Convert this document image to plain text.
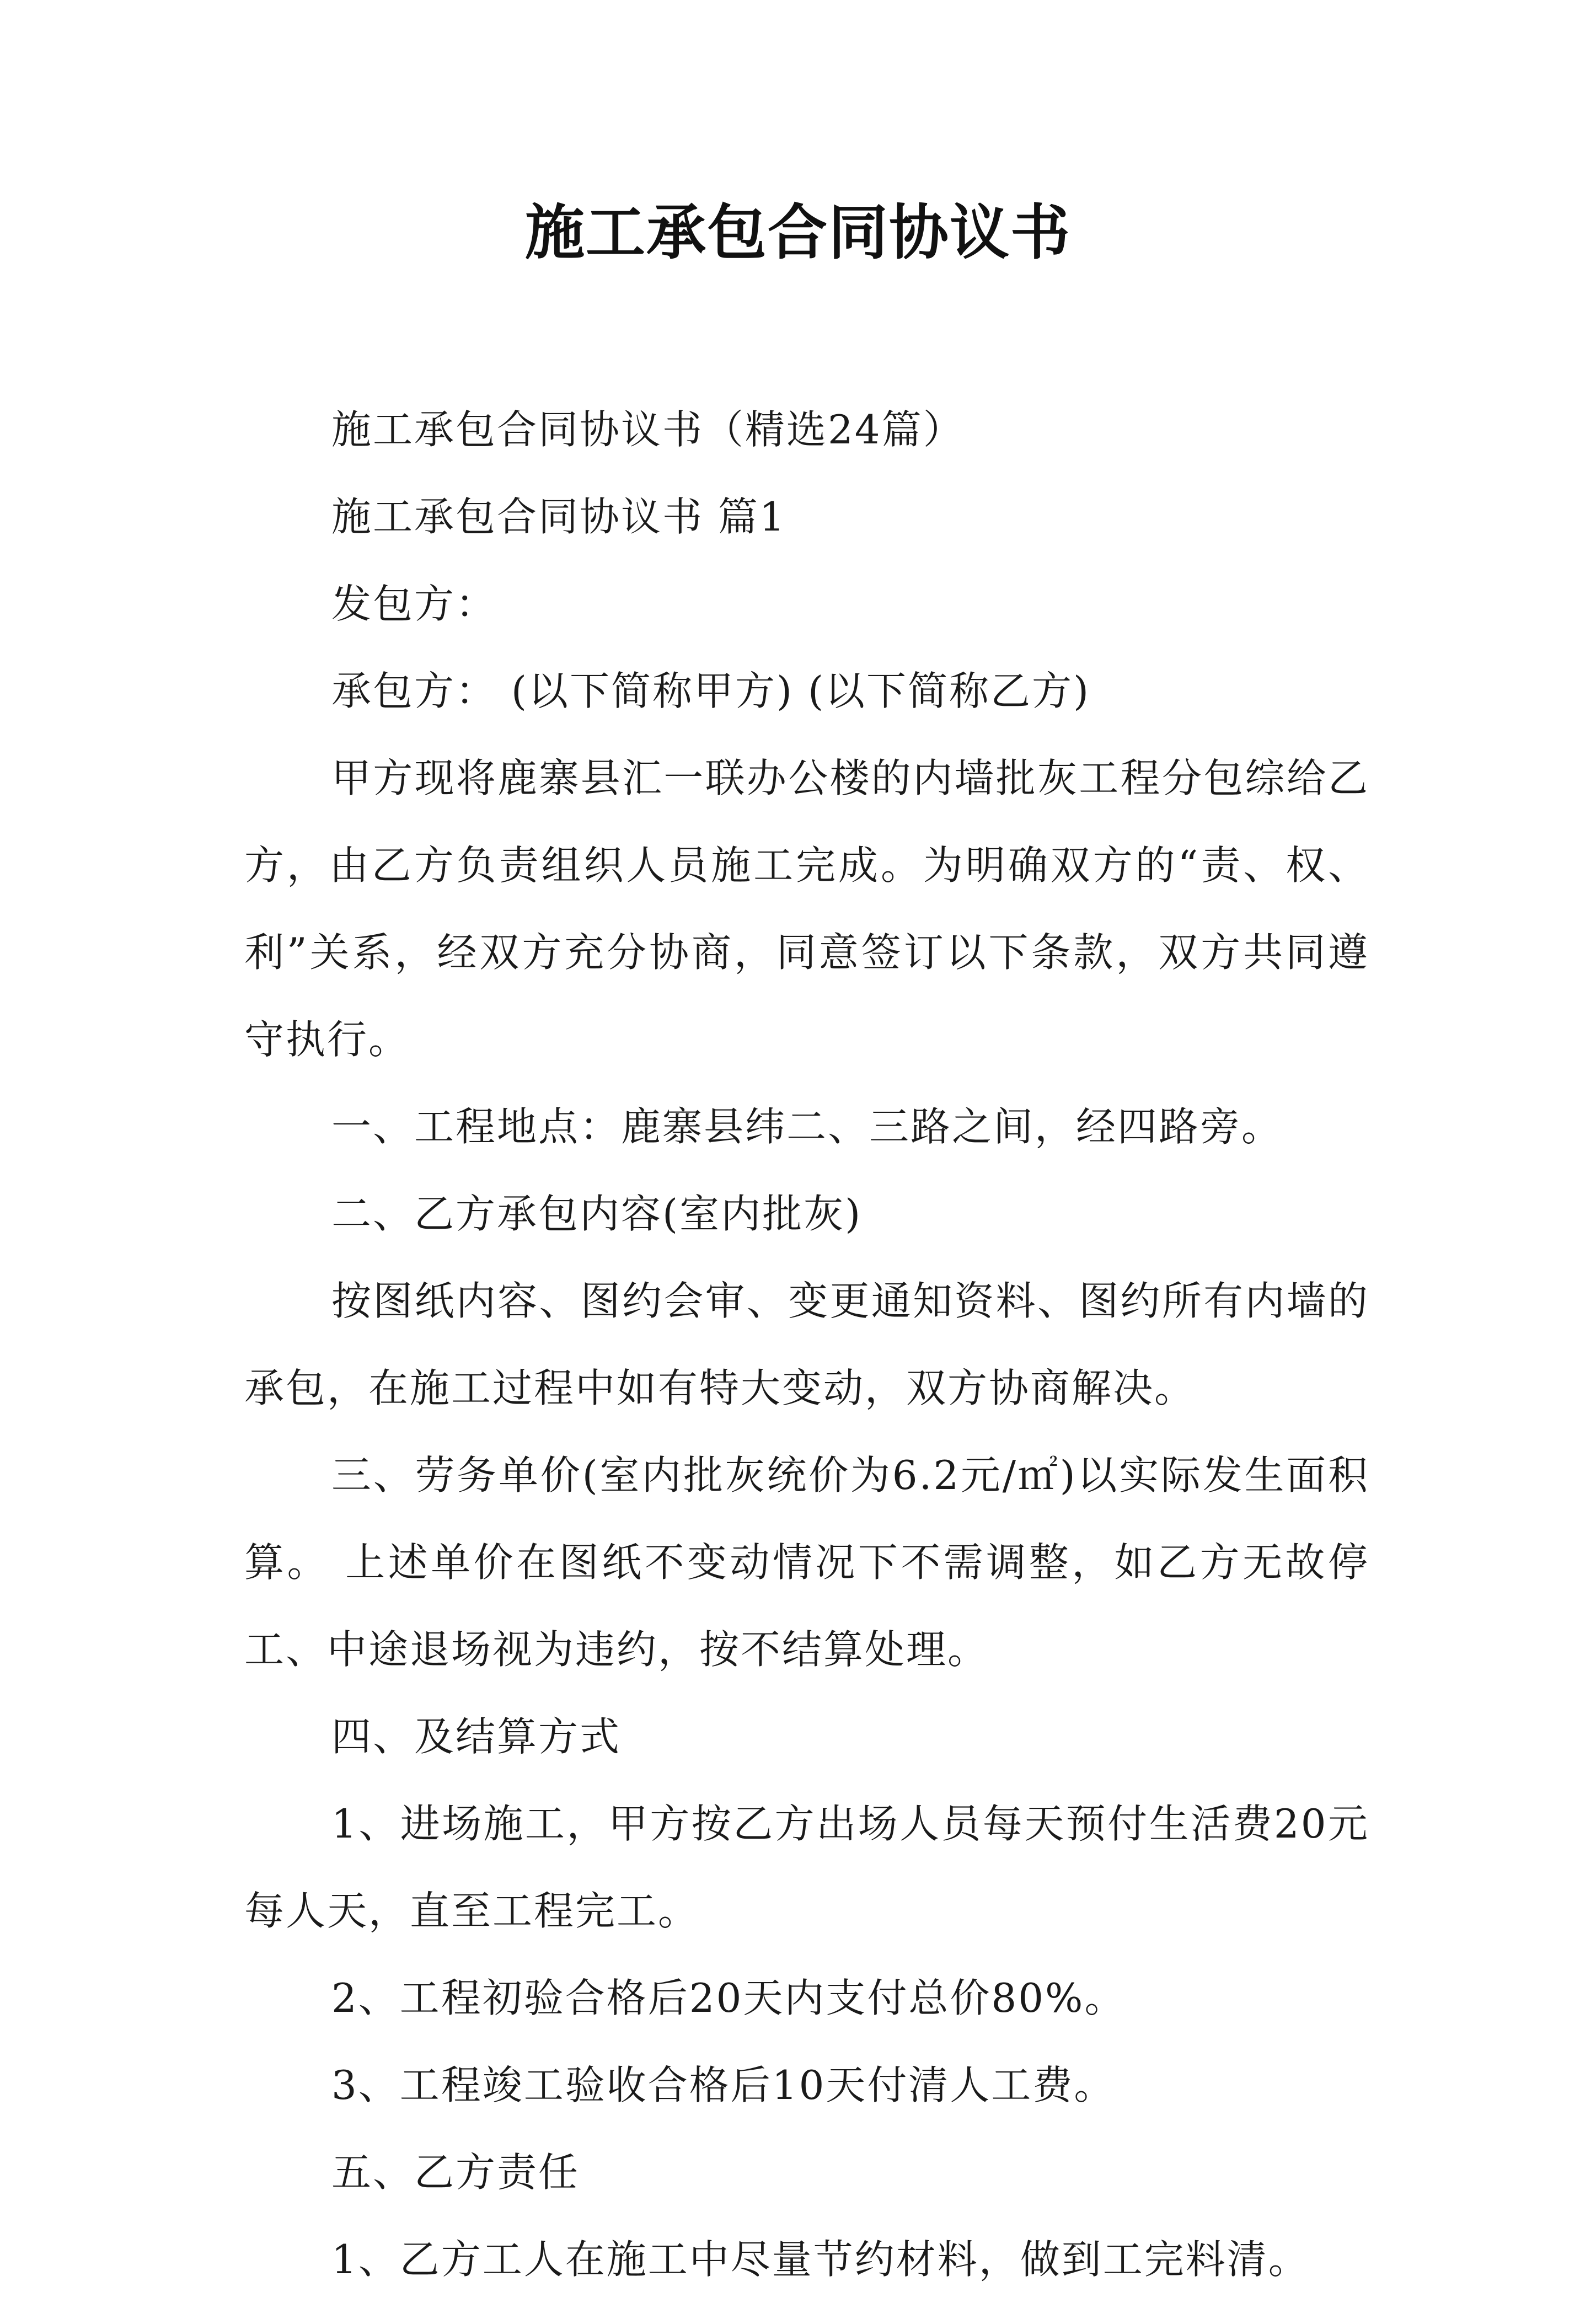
施工承包合同协议书

施工承包合同协议书（精选24篇）

施工承包合同协议书 篇1

发包方：

承包方： (以下简称甲方) (以下简称乙方)

甲方现将鹿寨县汇一联办公楼的内墙批灰工程分包综给乙方，由乙方负责组织人员施工完成。为明确双方的“责、权、利”关系，经双方充分协商，同意签订以下条款，双方共同遵守执行。

一、工程地点：鹿寨县纬二、三路之间，经四路旁。

二、乙方承包内容(室内批灰)

按图纸内容、图约会审、变更通知资料、图约所有内墙的承包，在施工过程中如有特大变动，双方协商解决。

三、劳务单价(室内批灰统价为6.2元/㎡)以实际发生面积算。 上述单价在图纸不变动情况下不需调整，如乙方无故停工、中途退场视为违约，按不结算处理。

四、及结算方式

1、进场施工，甲方按乙方出场人员每天预付生活费20元每人天，直至工程完工。

2、工程初验合格后20天内支付总价80%。

3、工程竣工验收合格后10天付清人工费。

五、乙方责任

1、乙方工人在施工中尽量节约材料，做到工完料清。
